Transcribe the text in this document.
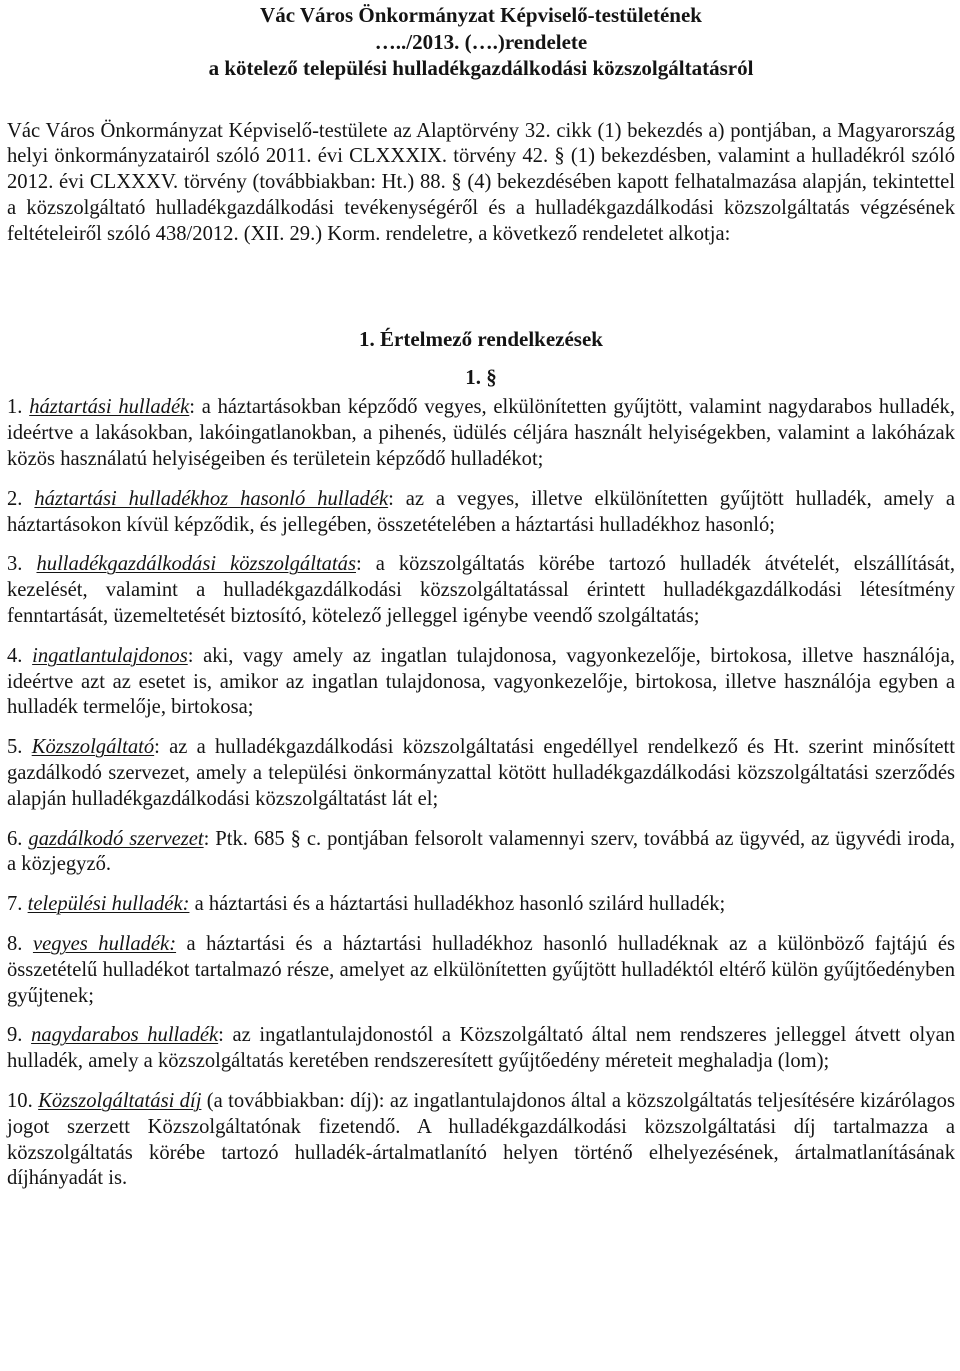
Vác Város Önkormányzat Képviselő-testületének
…../2013. (….)rendelete
a kötelező települési hulladékgazdálkodási közszolgáltatásról

Vác Város Önkormányzat Képviselő-testülete az Alaptörvény 32. cikk (1) bekezdés a) pontjában, a Magyarország helyi önkormányzatairól szóló 2011. évi CLXXXIX. törvény 42. § (1) bekezdésben, valamint a hulladékról szóló 2012. évi CLXXXV. törvény (továbbiakban: Ht.) 88. § (4) bekezdésében kapott felhatalmazása alapján, tekintettel a közszolgáltató hulladékgazdálkodási tevékenységéről és a hulladékgazdálkodási közszolgáltatás végzésének feltételeiről szóló 438/2012. (XII. 29.) Korm. rendeletre, a következő rendeletet alkotja:

1. Értelmező rendelkezések
1. §

1. háztartási hulladék: a háztartásokban képződő vegyes, elkülönítetten gyűjtött, valamint nagydarabos hulladék, ideértve a lakásokban, lakóingatlanokban, a pihenés, üdülés céljára használt helyiségekben, valamint a lakóházak közös használatú helyiségeiben és területein képződő hulladékot;

2. háztartási hulladékhoz hasonló hulladék: az a vegyes, illetve elkülönítetten gyűjtött hulladék, amely a háztartásokon kívül képződik, és jellegében, összetételében a háztartási hulladékhoz hasonló;

3. hulladékgazdálkodási közszolgáltatás: a közszolgáltatás körébe tartozó hulladék átvételét, elszállítását, kezelését, valamint a hulladékgazdálkodási közszolgáltatással érintett hulladékgazdálkodási létesítmény fenntartását, üzemeltetését biztosító, kötelező jelleggel igénybe veendő szolgáltatás;

4. ingatlantulajdonos: aki, vagy amely az ingatlan tulajdonosa, vagyonkezelője, birtokosa, illetve használója, ideértve azt az esetet is, amikor az ingatlan tulajdonosa, vagyonkezelője, birtokosa, illetve használója egyben a hulladék termelője, birtokosa;

5. Közszolgáltató: az a hulladékgazdálkodási közszolgáltatási engedéllyel rendelkező és Ht. szerint minősített gazdálkodó szervezet, amely a települési önkormányzattal kötött hulladékgazdálkodási közszolgáltatási szerződés alapján hulladékgazdálkodási közszolgáltatást lát el;

6. gazdálkodó szervezet: Ptk. 685 § c. pontjában felsorolt valamennyi szerv, továbbá az ügyvéd, az ügyvédi iroda, a közjegyző.

7. települési hulladék: a háztartási és a háztartási hulladékhoz hasonló szilárd hulladék;

8. vegyes hulladék: a háztartási és a háztartási hulladékhoz hasonló hulladéknak az a különböző fajtájú és összetételű hulladékot tartalmazó része, amelyet az elkülönítetten gyűjtött hulladéktól eltérő külön gyűjtőedényben gyűjtenek;

9. nagydarabos hulladék: az ingatlantulajdonostól a Közszolgáltató által nem rendszeres jelleggel átvett olyan hulladék, amely a közszolgáltatás keretében rendszeresített gyűjtőedény méreteit meghaladja (lom);

10. Közszolgáltatási díj (a továbbiakban: díj): az ingatlantulajdonos által a közszolgáltatás teljesítésére kizárólagos jogot szerzett Közszolgáltatónak fizetendő. A hulladékgazdálkodási közszolgáltatási díj tartalmazza a közszolgáltatás körébe tartozó hulladék-ártalmatlanító helyen történő elhelyezésének, ártalmatlanításának díjhányadát is.
